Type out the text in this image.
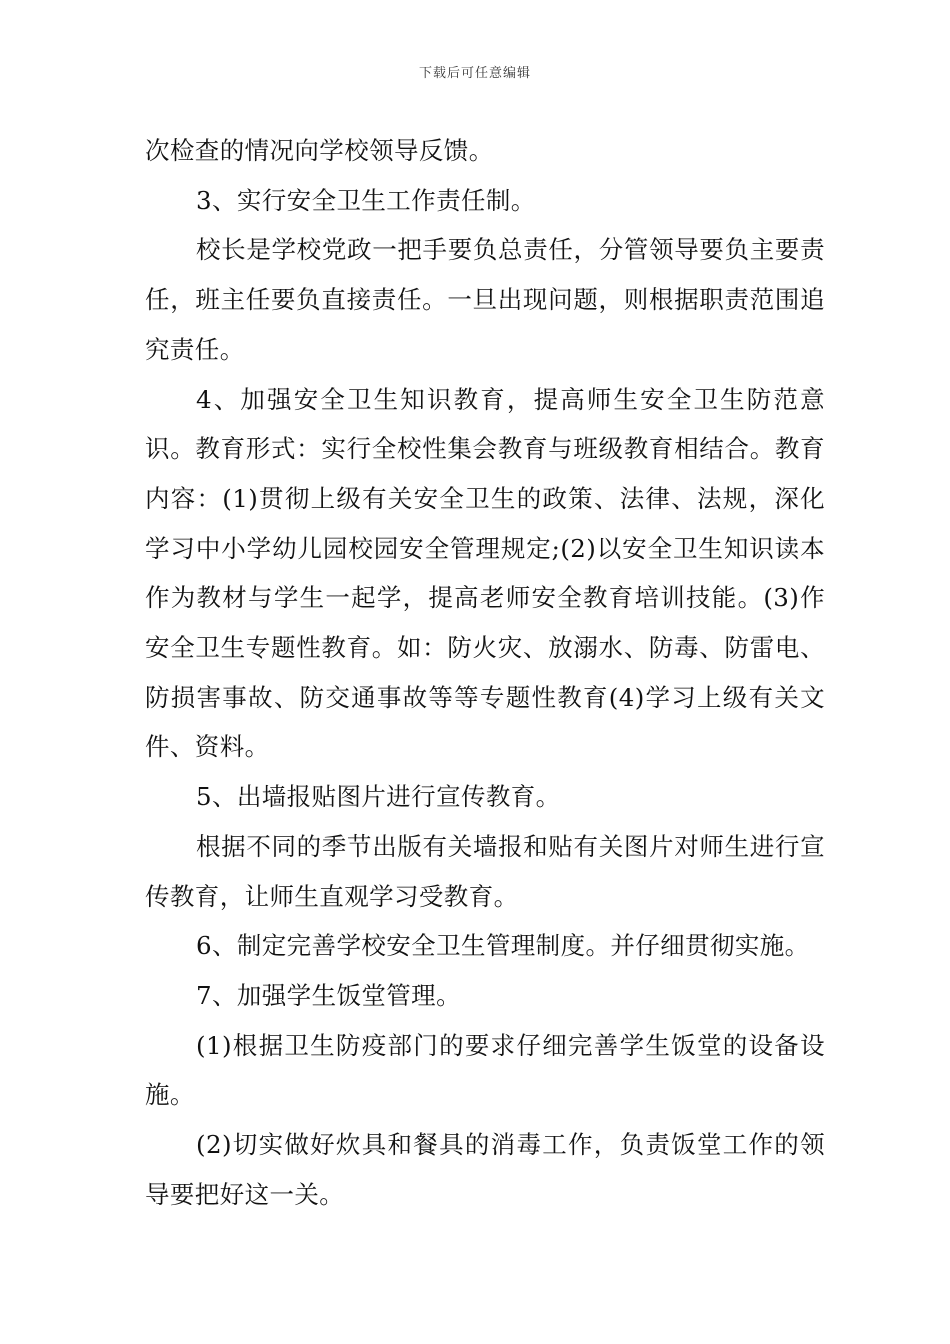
下载后可任意编辑

次检查的情况向学校领导反馈。

3、实行安全卫生工作责任制。

校长是学校党政一把手要负总责任，分管领导要负主要责任，班主任要负直接责任。一旦出现问题，则根据职责范围追究责任。

4、加强安全卫生知识教育，提高师生安全卫生防范意识。教育形式：实行全校性集会教育与班级教育相结合。教育内容：(1)贯彻上级有关安全卫生的政策、法律、法规，深化学习中小学幼儿园校园安全管理规定;(2)以安全卫生知识读本作为教材与学生一起学，提高老师安全教育培训技能。(3)作安全卫生专题性教育。如：防火灾、放溺水、防毒、防雷电、防损害事故、防交通事故等等专题性教育(4)学习上级有关文件、资料。

5、出墙报贴图片进行宣传教育。

根据不同的季节出版有关墙报和贴有关图片对师生进行宣传教育，让师生直观学习受教育。

6、制定完善学校安全卫生管理制度。并仔细贯彻实施。

7、加强学生饭堂管理。

(1)根据卫生防疫部门的要求仔细完善学生饭堂的设备设施。

(2)切实做好炊具和餐具的消毒工作，负责饭堂工作的领导要把好这一关。
